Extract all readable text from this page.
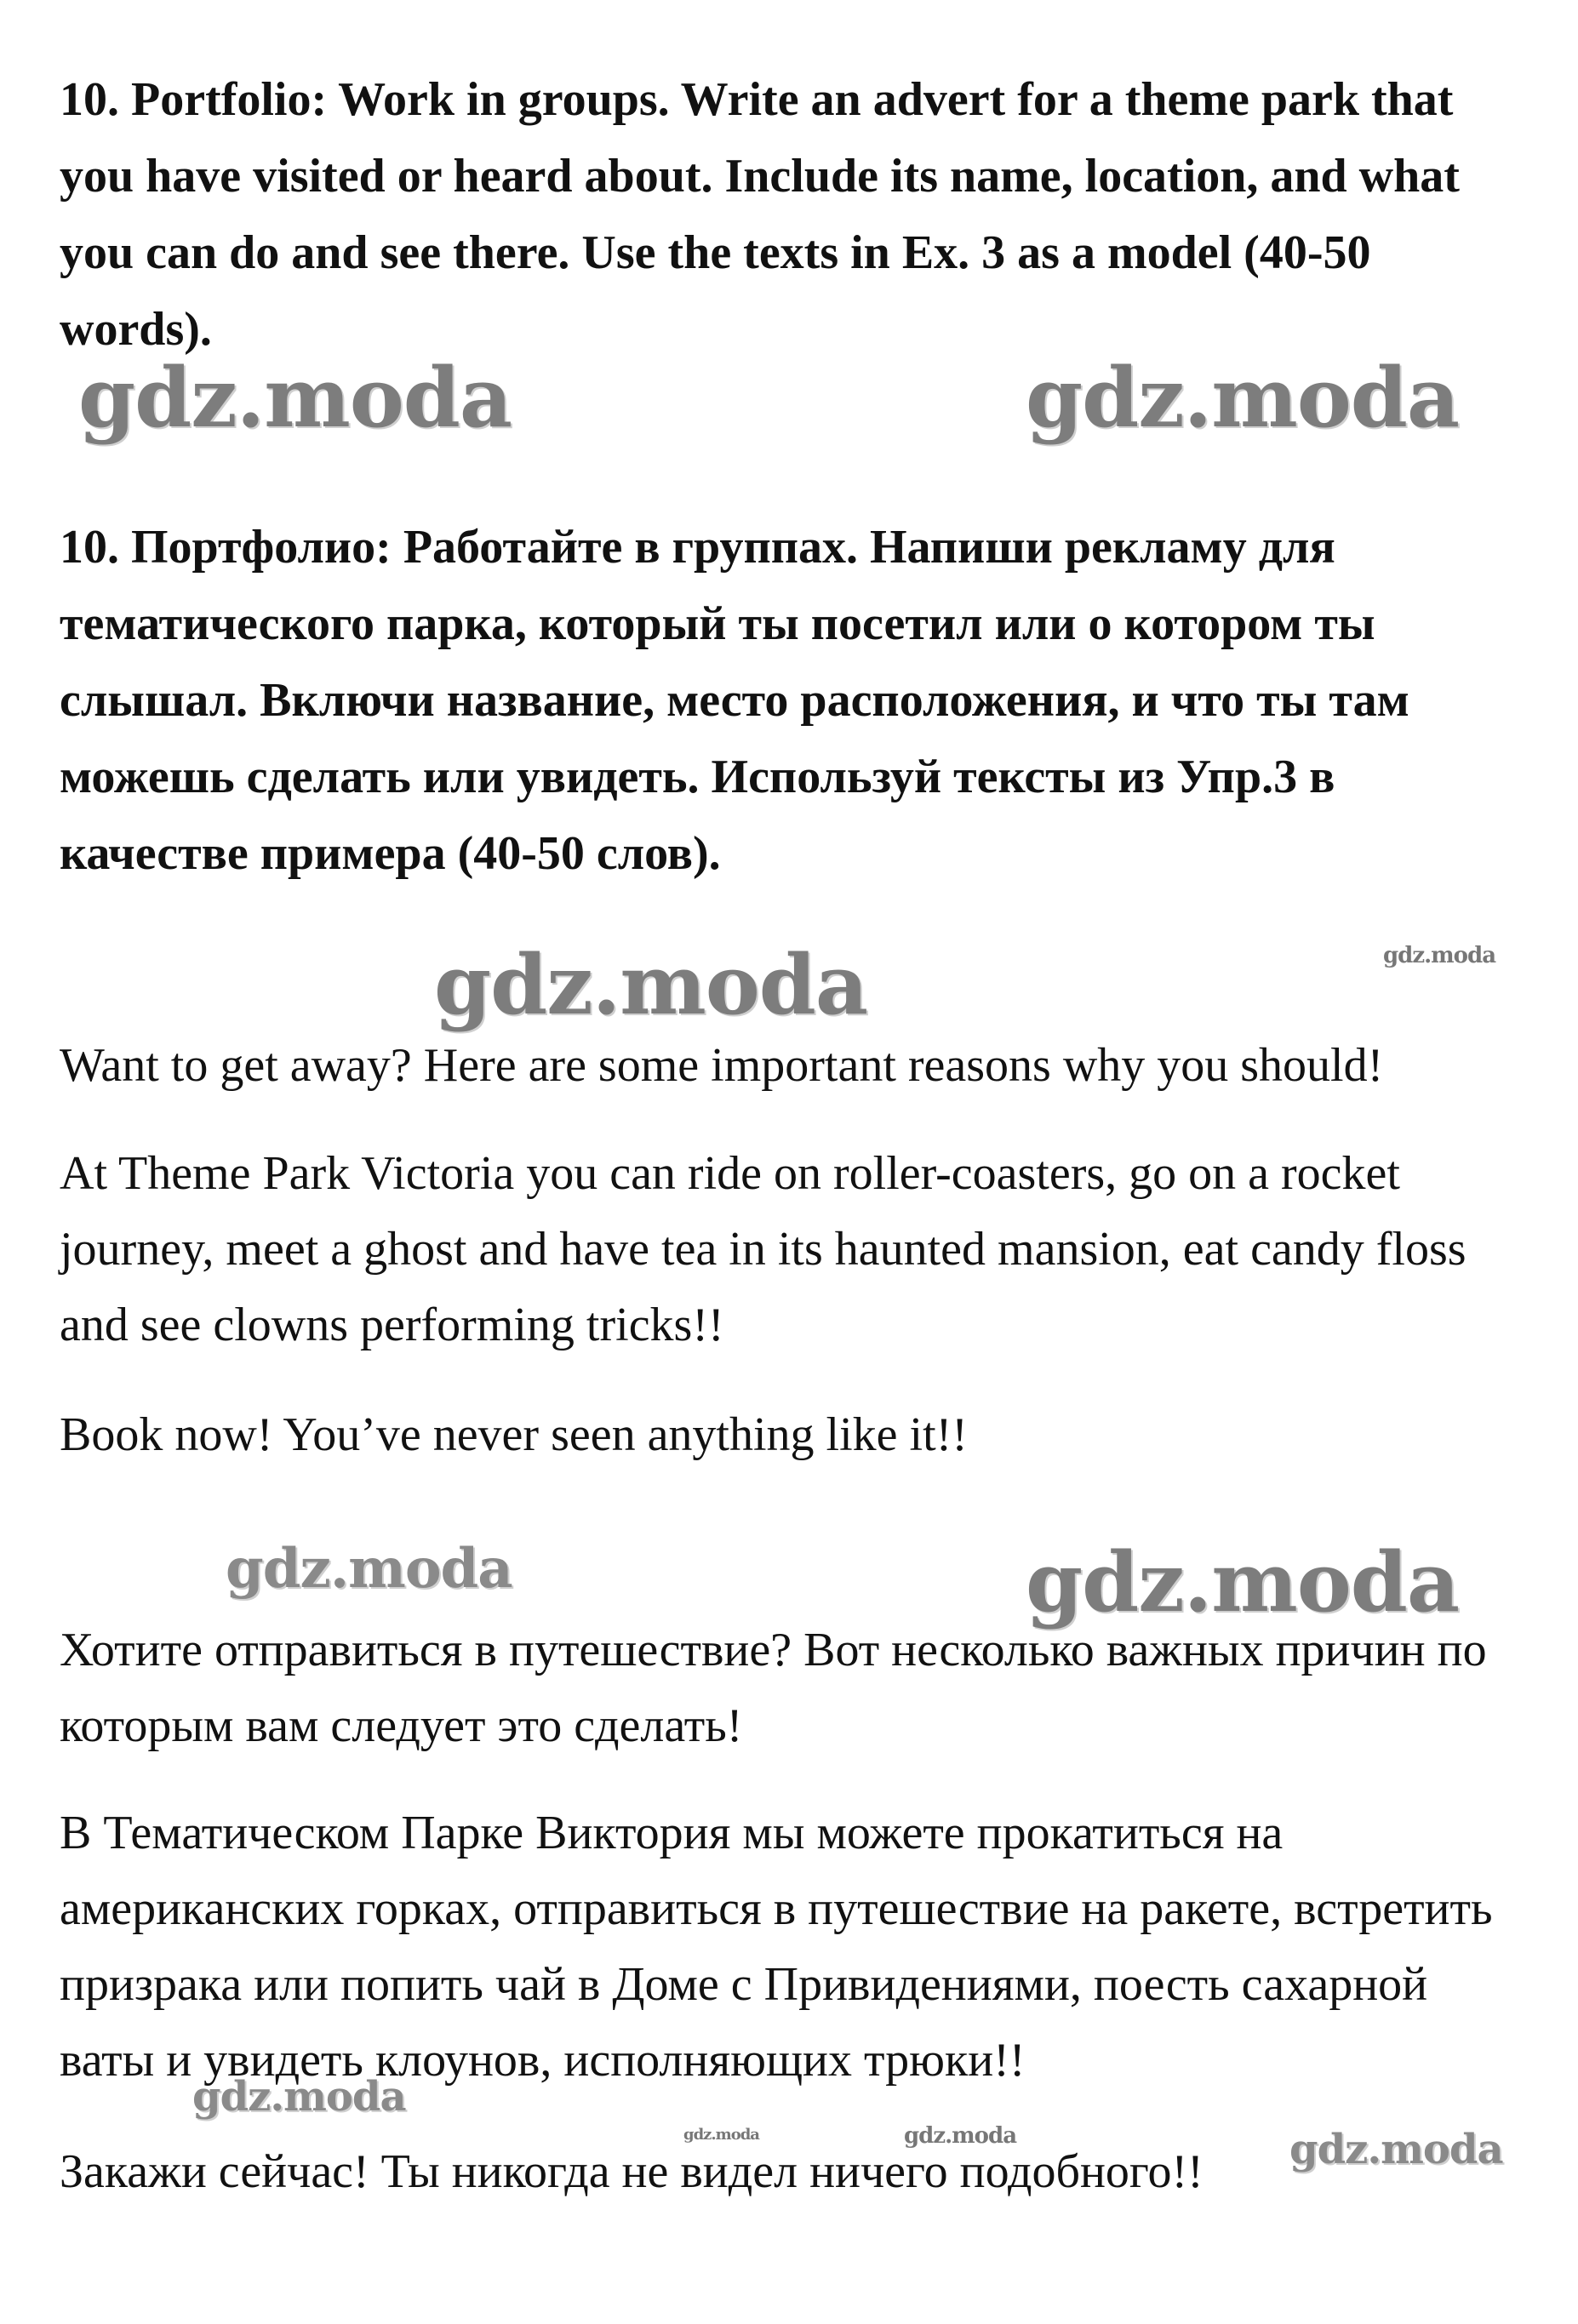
10. Portfolio: Work in groups. Write an advert for a theme park that you have visited or heard about. Include its name, location, and what you can do and see there. Use the texts in Ex. 3 as a model (40-50 words).

10. Портфолио: Работайте в группах. Напиши рекламу для тематического парка, который ты посетил или о котором ты слышал. Включи название, место расположения, и что ты там можешь сделать или увидеть. Используй тексты из Упр.3 в качестве примера (40-50 слов).

Want to get away? Here are some important reasons why you should!

At Theme Park Victoria you can ride on roller-coasters, go on a rocket journey, meet a ghost and have tea in its haunted mansion, eat candy floss and see clowns performing tricks!!

Book now! You’ve never seen anything like it!!

Хотите отправиться в путешествие? Вот несколько важных причин по которым вам следует это сделать!

В Тематическом Парке Виктория мы можете прокатиться на американских горках, отправиться в путешествие на ракете, встретить призрака или попить чай в Доме с Привидениями, поесть сахарной ваты и увидеть клоунов, исполняющих трюки!!

Закажи сейчас! Ты никогда не видел ничего подобного!!

gdz.moda	gdz.moda
gdz.moda	gdz.moda
gdz.moda	gdz.moda
gdz.moda
gdz.moda	gdz.moda	gdz.moda
